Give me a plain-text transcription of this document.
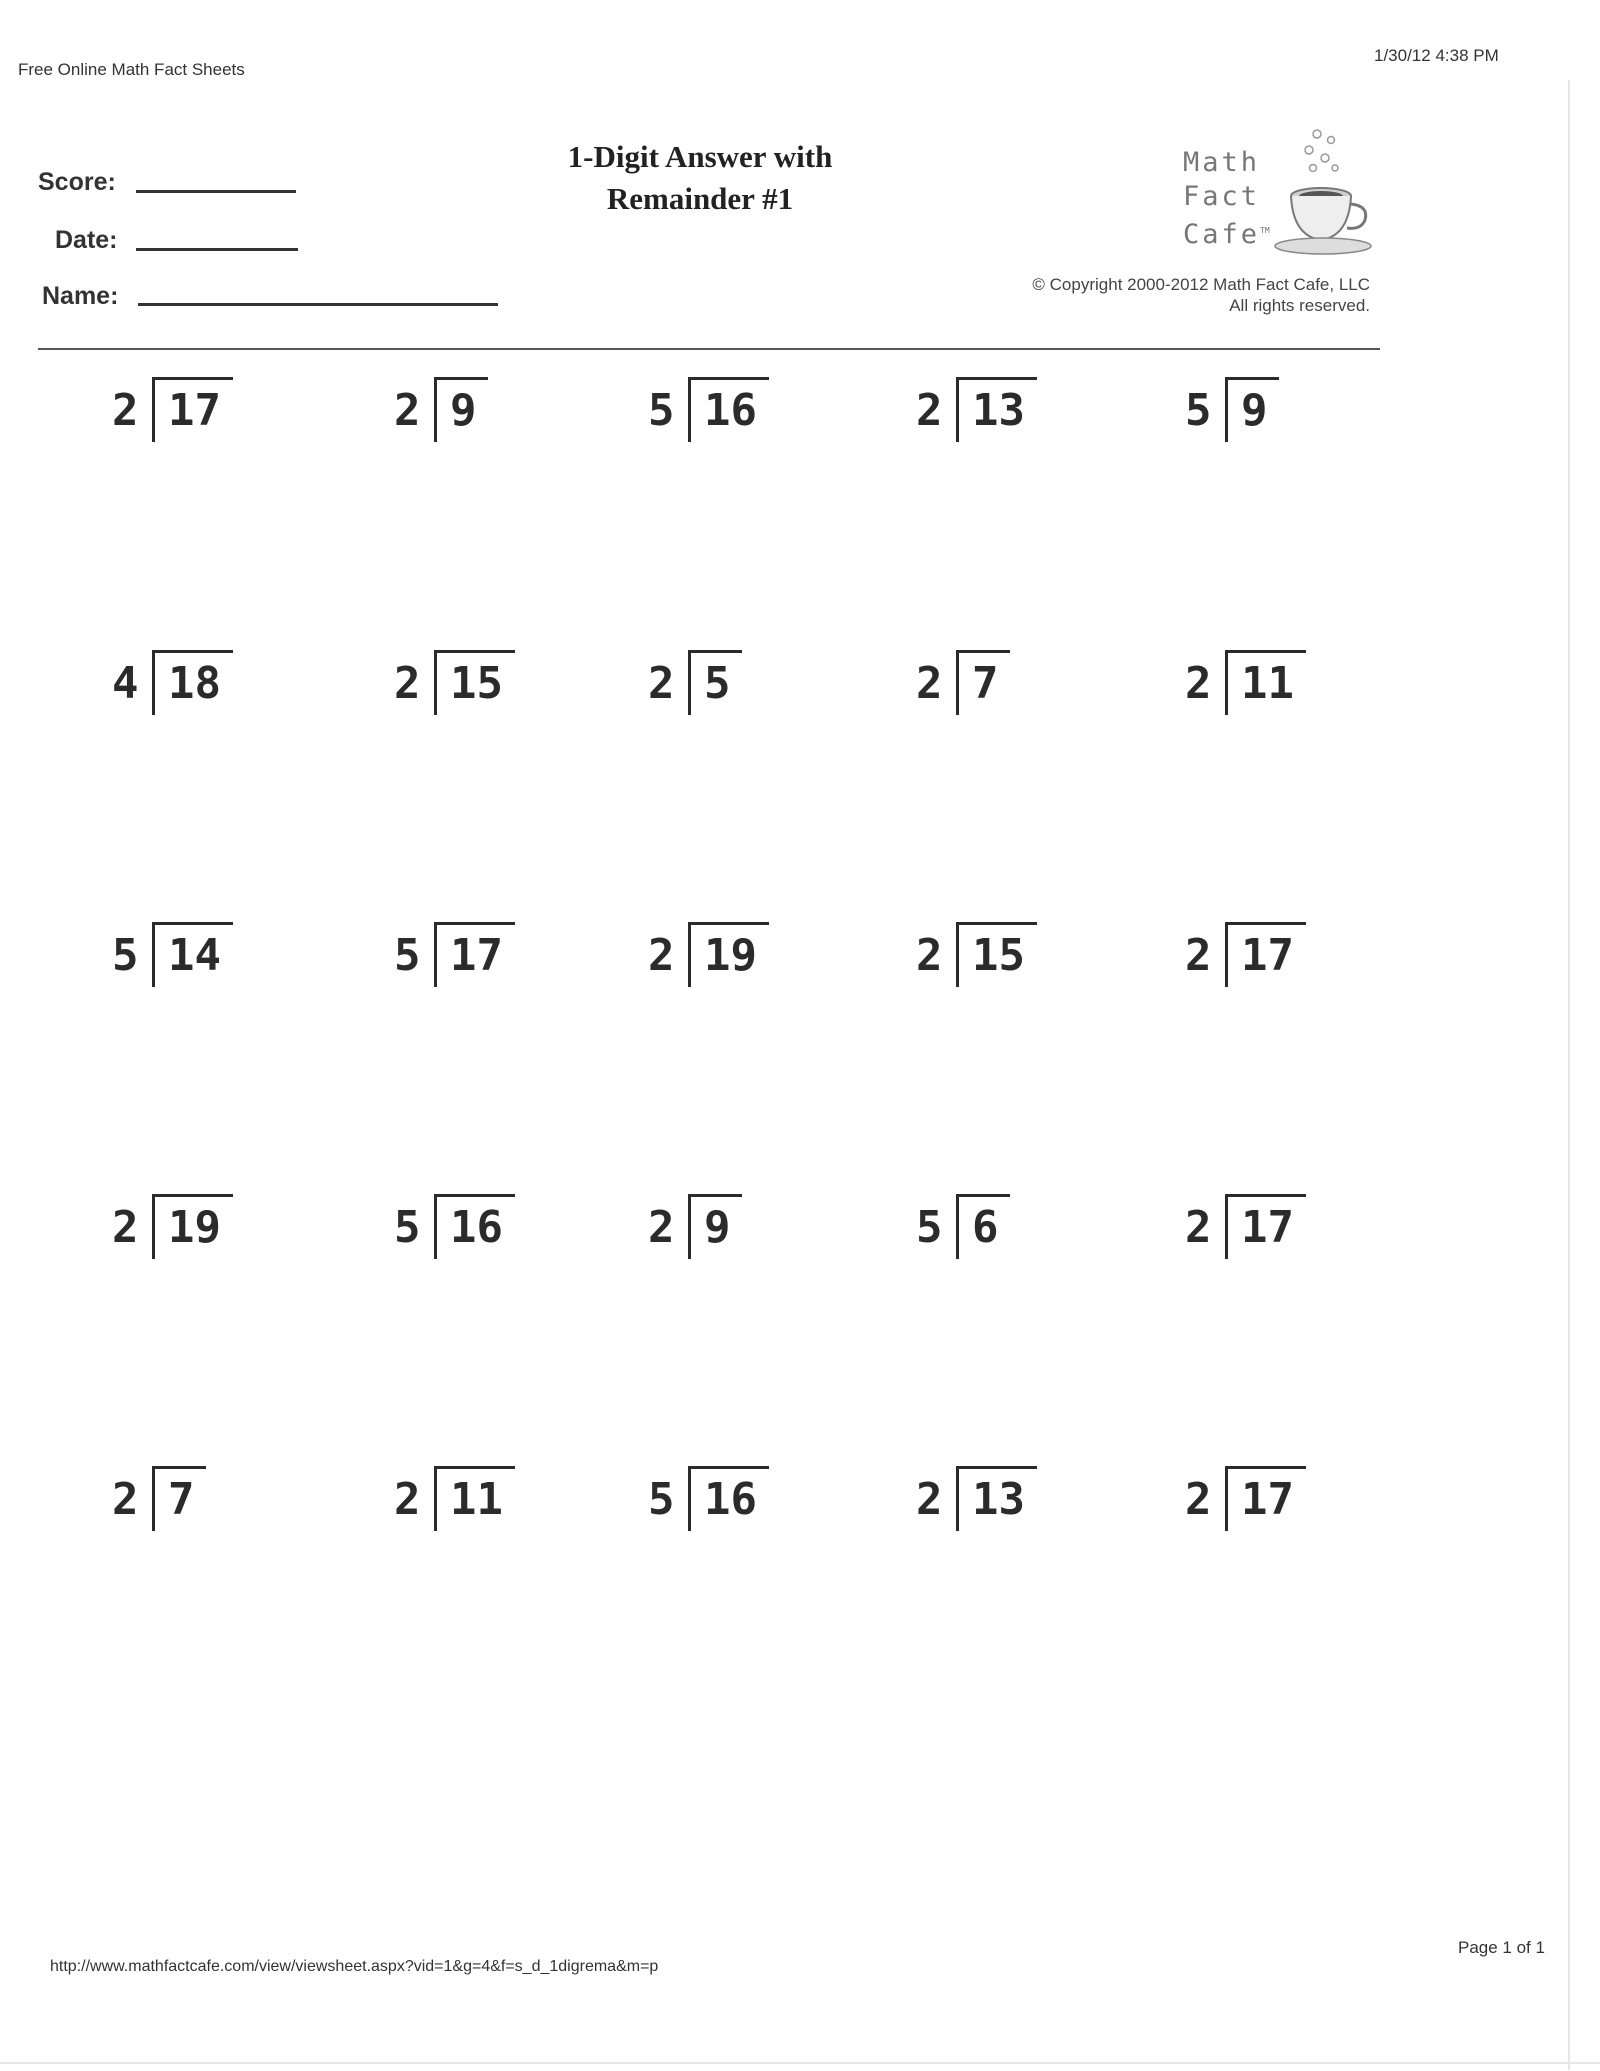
Free Online Math Fact Sheets
1/30/12 4:38 PM
Score:
Date:
Name:
1-Digit Answer with
Remainder #1
Math
Fact
Cafe™
© Copyright 2000-2012 Math Fact Cafe, LLC
All rights reserved.
2 17	2 9	5 16	2 13	5 9
4 18	2 15	2 5	2 7	2 11
5 14	5 17	2 19	2 15	2 17
2 19	5 16	2 9	5 6	2 17
2 7	2 11	5 16	2 13	2 17
http://www.mathfactcafe.com/view/viewsheet.aspx?vid=1&g=4&f=s_d_1digrema&m=p
Page 1 of 1
